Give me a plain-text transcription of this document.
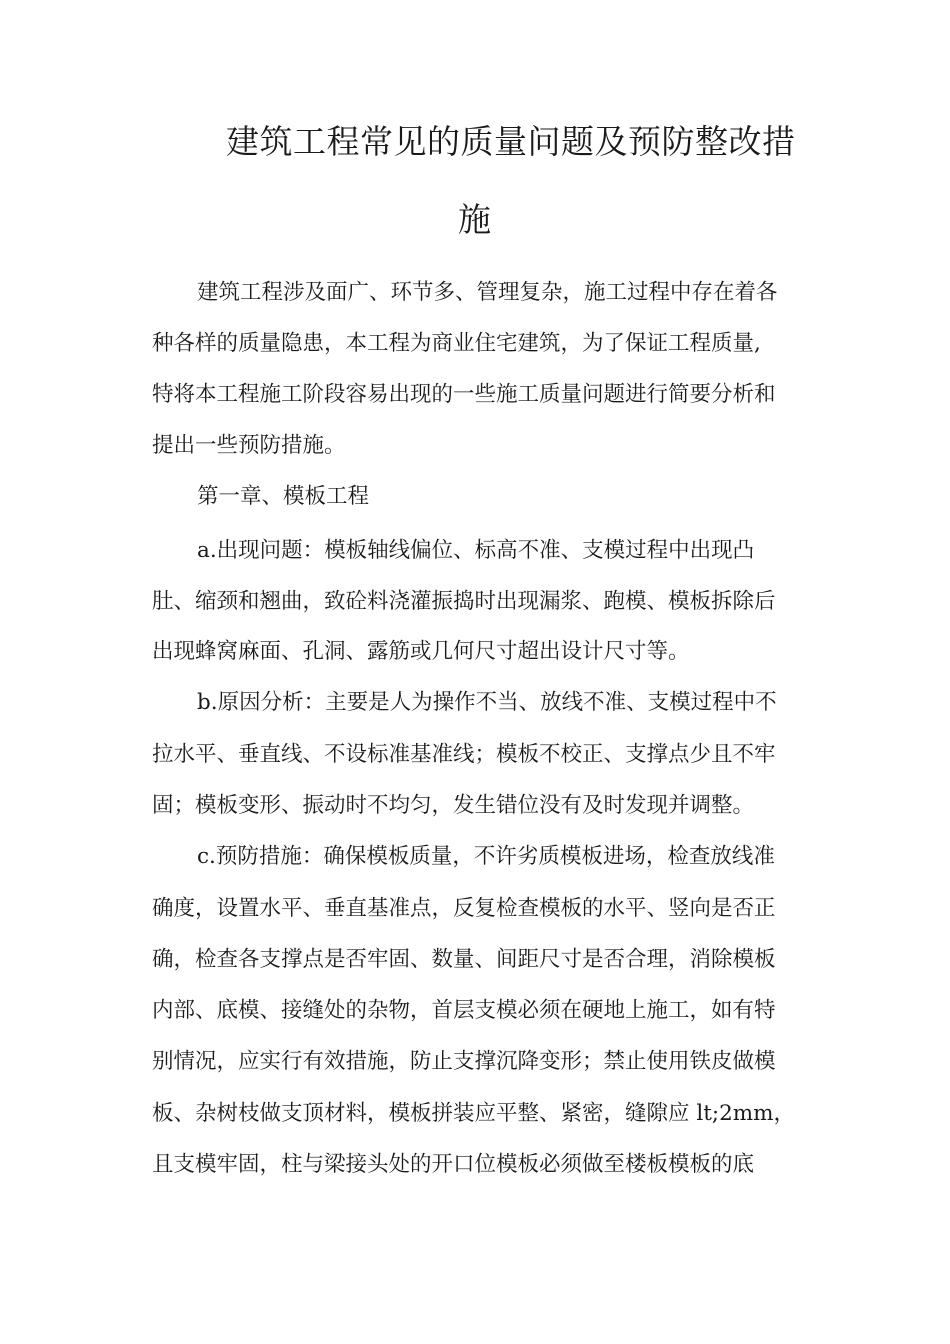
建筑工程常见的质量问题及预防整改措
施
建筑工程涉及面广、环节多、管理复杂，施工过程中存在着各
种各样的质量隐患，本工程为商业住宅建筑，为了保证工程质量,
特将本工程施工阶段容易出现的一些施工质量问题进行简要分析和
提出一些预防措施。
第一章、模板工程
a.出现问题：模板轴线偏位、标高不准、支模过程中出现凸
肚、缩颈和翘曲，致砼料浇灌振捣时出现漏浆、跑模、模板拆除后
出现蜂窝麻面、孔洞、露筋或几何尺寸超出设计尺寸等。
b.原因分析：主要是人为操作不当、放线不准、支模过程中不
拉水平、垂直线、不设标准基准线；模板不校正、支撑点少且不牢
固；模板变形、振动时不均匀，发生错位没有及时发现并调整。
c.预防措施：确保模板质量，不许劣质模板进场，检查放线准
确度，设置水平、垂直基准点，反复检查模板的水平、竖向是否正
确，检查各支撑点是否牢固、数量、间距尺寸是否合理，消除模板
内部、底模、接缝处的杂物，首层支模必须在硬地上施工，如有特
别情况，应实行有效措施，防止支撑沉降变形；禁止使用铁皮做模
板、杂树枝做支顶材料，模板拼装应平整、紧密，缝隙应 lt;2mm，
且支模牢固，柱与梁接头处的开口位模板必须做至楼板模板的底
